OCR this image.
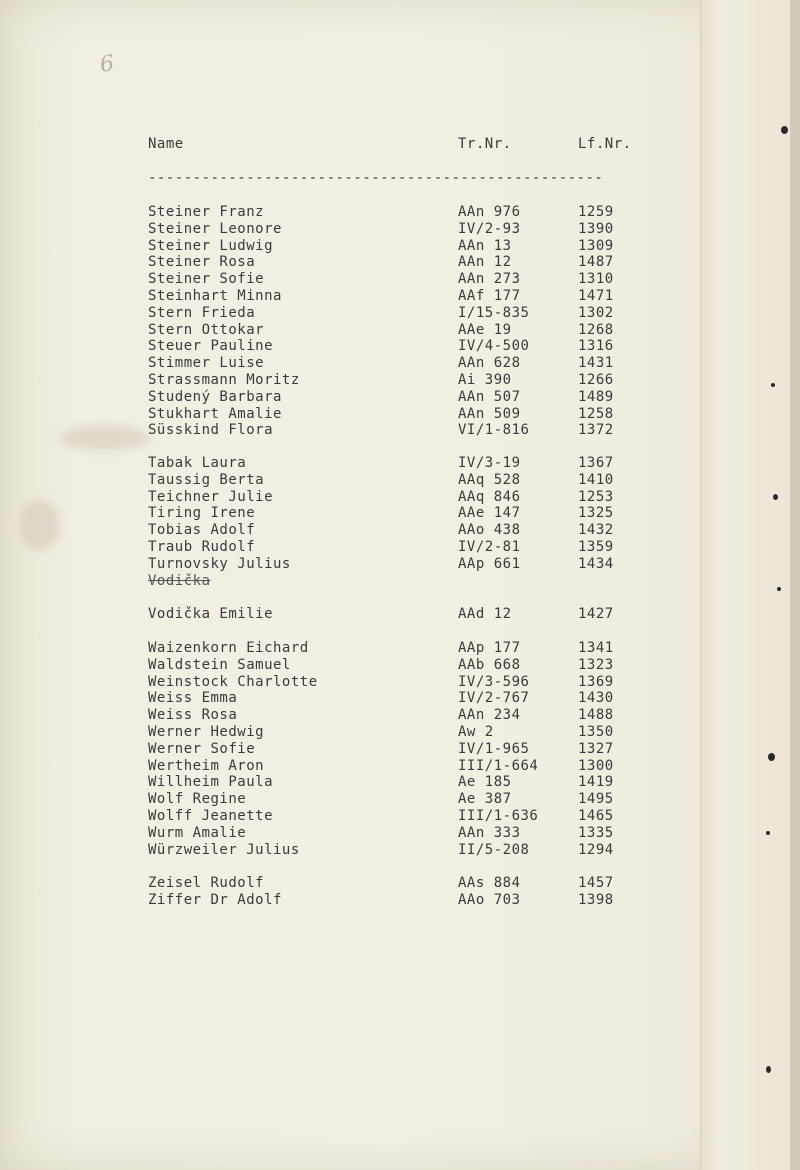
6
Name	Tr.Nr.	Lf.Nr.
---------------------------------------------------
Steiner Franz	AAn 976	1259
Steiner Leonore	IV/2-93	1390
Steiner Ludwig	AAn 13	1309
Steiner Rosa	AAn 12	1487
Steiner Sofie	AAn 273	1310
Steinhart Minna	AAf 177	1471
Stern Frieda	I/15-835	1302
Stern Ottokar	AAe 19	1268
Steuer Pauline	IV/4-500	1316
Stimmer Luise	AAn 628	1431
Strassmann Moritz	Ai 390	1266
Studený Barbara	AAn 507	1489
Stukhart Amalie	AAn 509	1258
Süsskind Flora	VI/1-816	1372
Tabak Laura	IV/3-19	1367
Taussig Berta	AAq 528	1410
Teichner Julie	AAq 846	1253
Tiring Irene	AAe 147	1325
Tobias Adolf	AAo 438	1432
Traub Rudolf	IV/2-81	1359
Turnovsky Julius	AAp 661	1434
Vodička
Vodička Emilie	AAd 12	1427
Waizenkorn Eichard	AAp 177	1341
Waldstein Samuel	AAb 668	1323
Weinstock Charlotte	IV/3-596	1369
Weiss Emma	IV/2-767	1430
Weiss Rosa	AAn 234	1488
Werner Hedwig	Aw 2	1350
Werner Sofie	IV/1-965	1327
Wertheim Aron	III/1-664	1300
Willheim Paula	Ae 185	1419
Wolf Regine	Ae 387	1495
Wolff Jeanette	III/1-636	1465
Wurm Amalie	AAn 333	1335
Würzweiler Julius	II/5-208	1294
Zeisel Rudolf	AAs 884	1457
Ziffer Dr Adolf	AAo 703	1398
